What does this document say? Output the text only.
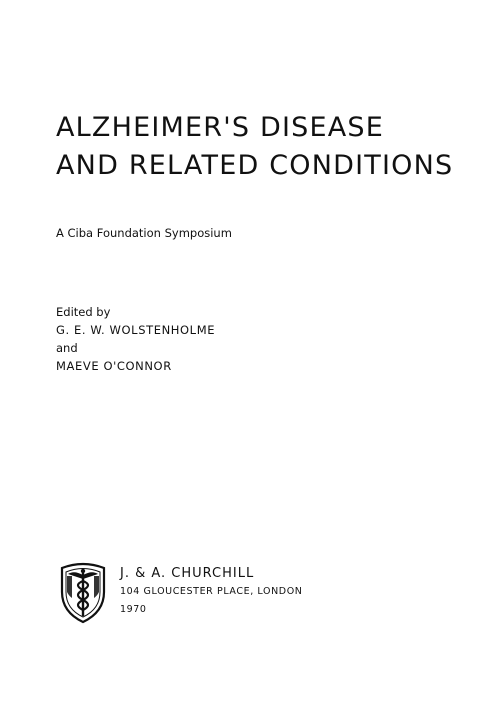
ALZHEIMER'S DISEASE
AND RELATED CONDITIONS
A Ciba Foundation Symposium
Edited by
G. E. W. WOLSTENHOLME
and
MAEVE O'CONNOR
J. & A. CHURCHILL
104 GLOUCESTER PLACE, LONDON
1970
